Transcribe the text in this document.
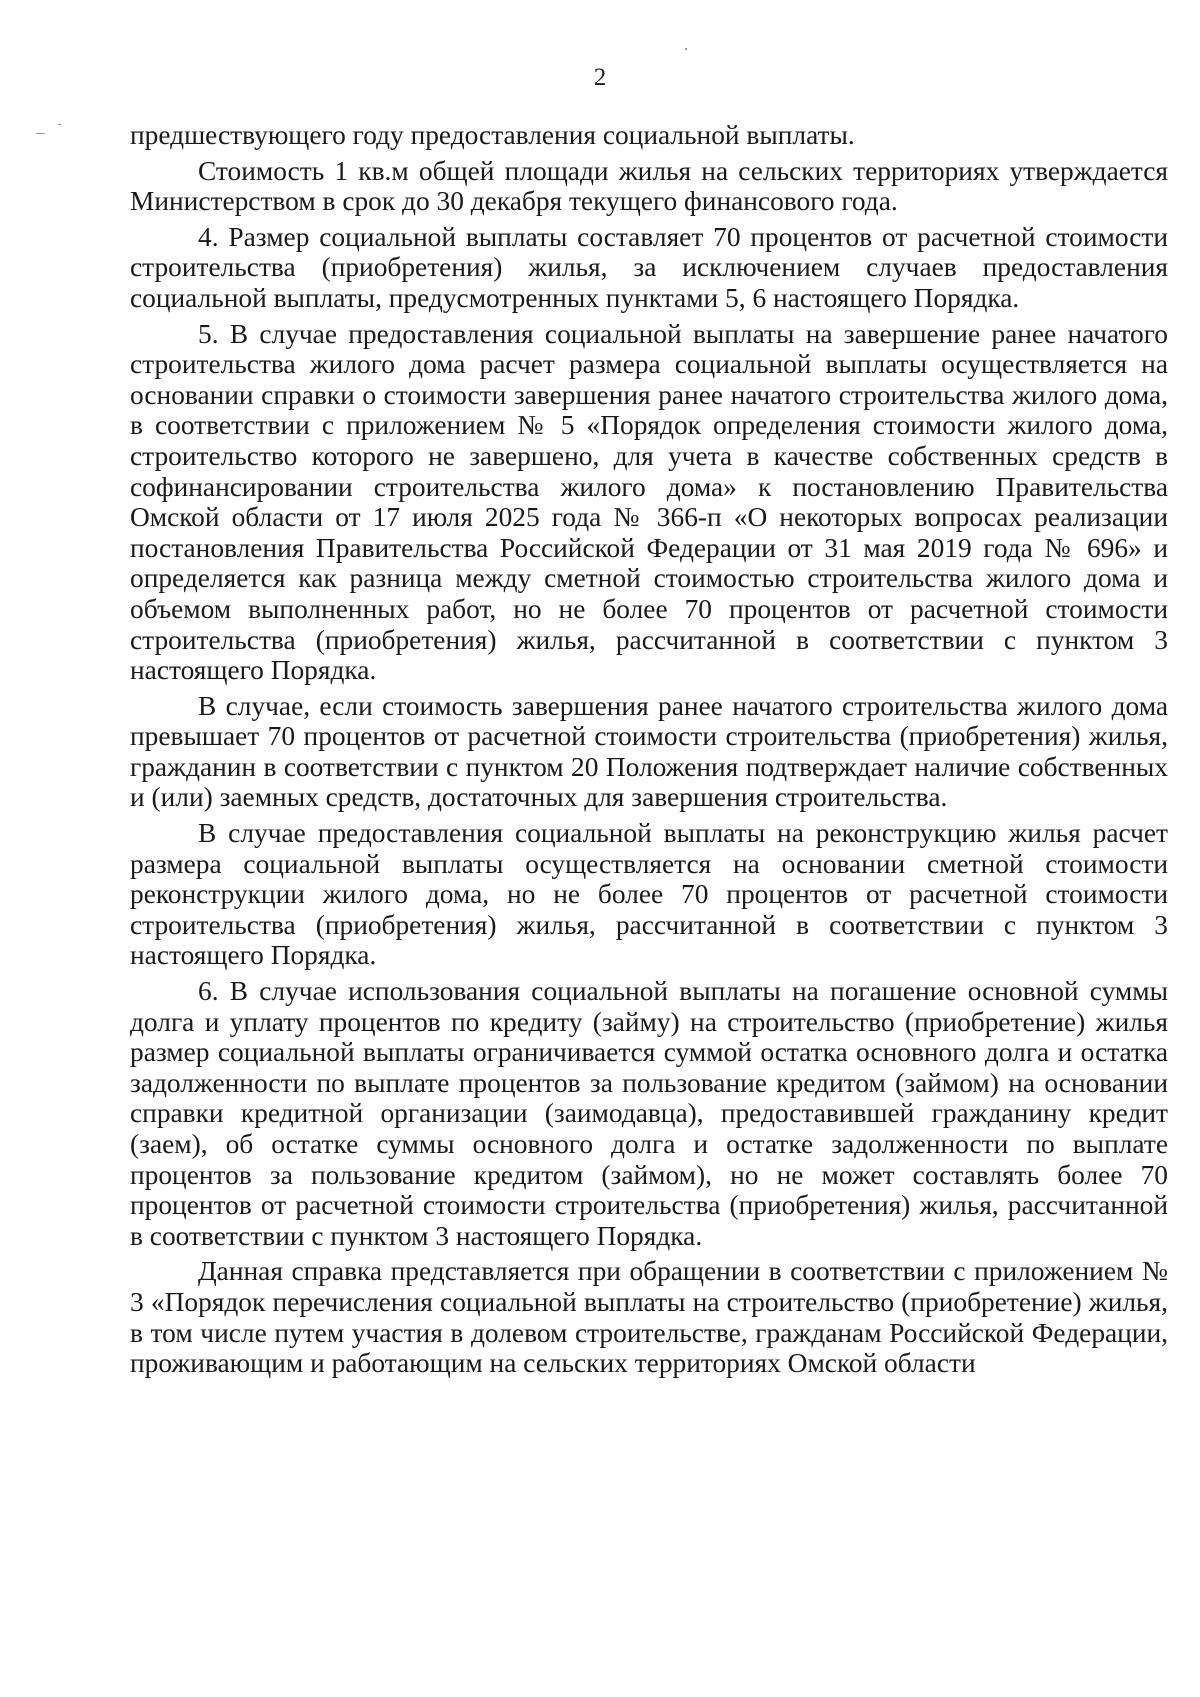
2

предшествующего году предоставления социальной выплаты.

Стоимость 1 кв.м общей площади жилья на сельских территориях утверждается Министерством в срок до 30 декабря текущего финансового года.

4. Размер социальной выплаты составляет 70 процентов от расчетной стоимости строительства (приобретения) жилья, за исключением случаев предоставления социальной выплаты, предусмотренных пунктами 5, 6 настоящего Порядка.

5. В случае предоставления социальной выплаты на завершение ранее начатого строительства жилого дома расчет размера социальной выплаты осуществляется на основании справки о стоимости завершения ранее начатого строительства жилого дома, в соответствии с приложением № 5 «Порядок определения стоимости жилого дома, строительство которого не завершено, для учета в качестве собственных средств в софинансировании строительства жилого дома» к постановлению Правительства Омской области от 17 июля 2025 года № 366-п «О некоторых вопросах реализации постановления Правительства Российской Федерации от 31 мая 2019 года № 696» и определяется как разница между сметной стоимостью строительства жилого дома и объемом выполненных работ, но не более 70 процентов от расчетной стоимости строительства (приобретения) жилья, рассчитанной в соответствии с пунктом 3 настоящего Порядка.

В случае, если стоимость завершения ранее начатого строительства жилого дома превышает 70 процентов от расчетной стоимости строительства (приобретения) жилья, гражданин в соответствии с пунктом 20 Положения подтверждает наличие собственных и (или) заемных средств, достаточных для завершения строительства.

В случае предоставления социальной выплаты на реконструкцию жилья расчет размера социальной выплаты осуществляется на основании сметной стоимости реконструкции жилого дома, но не более 70 процентов от расчетной стоимости строительства (приобретения) жилья, рассчитанной в соответствии с пунктом 3 настоящего Порядка.

6. В случае использования социальной выплаты на погашение основной суммы долга и уплату процентов по кредиту (займу) на строительство (приобретение) жилья размер социальной выплаты ограничивается суммой остатка основного долга и остатка задолженности по выплате процентов за пользование кредитом (займом) на основании справки кредитной организации (заимодавца), предоставившей гражданину кредит (заем), об остатке суммы основного долга и остатке задолженности по выплате процентов за пользование кредитом (займом), но не может составлять более 70 процентов от расчетной стоимости строительства (приобретения) жилья, рассчитанной в соответствии с пунктом 3 настоящего Порядка.

Данная справка представляется при обращении в соответствии с приложением № 3 «Порядок перечисления социальной выплаты на строительство (приобретение) жилья, в том числе путем участия в долевом строительстве, гражданам Российской Федерации, проживающим и работающим на сельских территориях Омской области
